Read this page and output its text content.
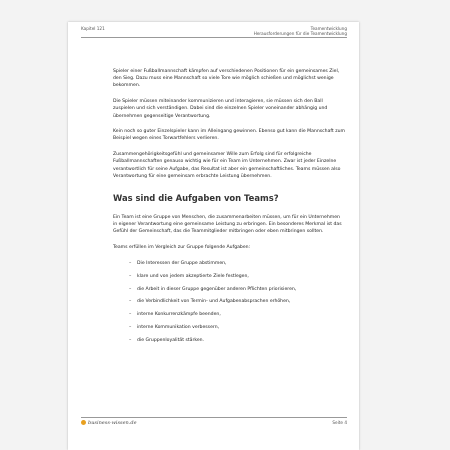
Kapitel 121	Teamentwicklung
Herausforderungen für die Teamentwicklung

Spieler einer Fußballmannschaft kämpfen auf verschiedenen Positionen für ein gemeinsames Ziel, den Sieg. Dazu muss eine Mannschaft so viele Tore wie möglich schießen und möglichst wenige bekommen.

Die Spieler müssen miteinander kommunizieren und interagieren, sie müssen sich den Ball zuspielen und sich verständigen. Dabei sind die einzelnen Spieler voneinander abhängig und übernehmen gegenseitige Verantwortung.

Kein noch so guter Einzelspieler kann im Alleingang gewinnen. Ebenso gut kann die Mannschaft zum Beispiel wegen eines Torwartfehlers verlieren.

Zusammengehörigkeitsgefühl und gemeinsamer Wille zum Erfolg sind für erfolgreiche Fußballmannschaften genauso wichtig wie für ein Team im Unternehmen. Zwar ist jeder Einzelne verantwortlich für seine Aufgabe, das Resultat ist aber ein gemeinschaftliches. Teams müssen also Verantwortung für eine gemeinsam erbrachte Leistung übernehmen.

Was sind die Aufgaben von Teams?

Ein Team ist eine Gruppe von Menschen, die zusammenarbeiten müssen, um für ein Unternehmen in eigener Verantwortung eine gemeinsame Leistung zu erbringen. Ein besonderes Merkmal ist das Gefühl der Gemeinschaft, das die Teammitglieder mitbringen oder eben mitbringen sollten.

Teams erfüllen im Vergleich zur Gruppe folgende Aufgaben:

– Die Interessen der Gruppe abstimmen,
– klare und von jedem akzeptierte Ziele festlegen,
– die Arbeit in dieser Gruppe gegenüber anderen Pflichten priorisieren,
– die Verbindlichkeit von Termin- und Aufgabenabsprachen erhöhen,
– interne Konkurrenzkämpfe beenden,
– interne Kommunikation verbessern,
– die Gruppenloyalität stärken.
business-wissen.de	Seite 4
